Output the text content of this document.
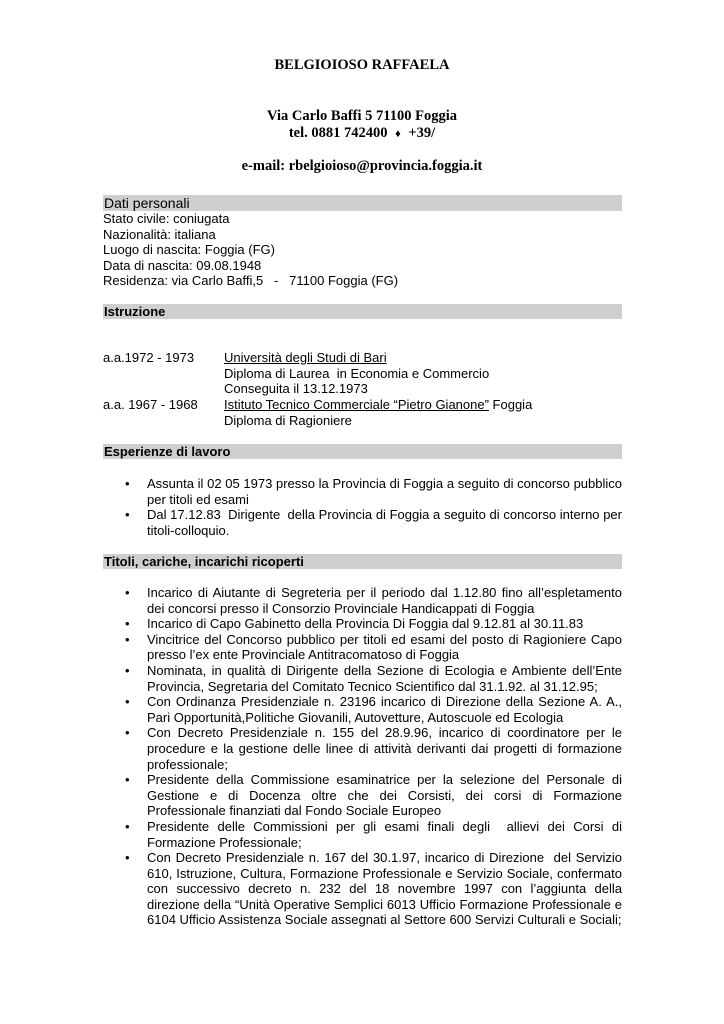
BELGIOIOSO RAFFAELA
Via Carlo Baffi 5 71100 Foggia
tel. 0881 742400 ♦ +39/
e-mail: rbelgioioso@provincia.foggia.it
Dati personali
Stato civile: coniugata
Nazionalità: italiana
Luogo di nascita: Foggia (FG)
Data di nascita: 09.08.1948
Residenza: via Carlo Baffi,5   -   71100 Foggia (FG)
Istruzione
a.a.1972 - 1973 Università degli Studi di Bari
Diploma di Laurea  in Economia e Commercio
Conseguita il 13.12.1973
a.a. 1967 - 1968 Istituto Tecnico Commerciale “Pietro Gianone” Foggia
Diploma di Ragioniere
Esperienze di lavoro
• Assunta il 02 05 1973 presso la Provincia di Foggia a seguito di concorso pubblico per titoli ed esami
• Dal 17.12.83  Dirigente  della Provincia di Foggia a seguito di concorso interno per titoli-colloquio.
Titoli, cariche, incarichi ricoperti
• Incarico di Aiutante di Segreteria per il periodo dal 1.12.80 fino all’espletamento dei concorsi presso il Consorzio Provinciale Handicappati di Foggia
• Incarico di Capo Gabinetto della Provincia Di Foggia dal 9.12.81 al 30.11.83
• Vincitrice del Concorso pubblico per titoli ed esami del posto di Ragioniere Capo presso l’ex ente Provinciale Antitracomatoso di Foggia
• Nominata, in qualità di Dirigente della Sezione di Ecologia e Ambiente dell’Ente Provincia, Segretaria del Comitato Tecnico Scientifico dal 31.1.92. al 31.12.95;
• Con Ordinanza Presidenziale n. 23196 incarico di Direzione della Sezione A. A., Pari Opportunità,Politiche Giovanili, Autovetture, Autoscuole ed Ecologia
• Con Decreto Presidenziale n. 155 del 28.9.96, incarico di coordinatore per le procedure e la gestione delle linee di attività derivanti dai progetti di formazione professionale;
• Presidente della Commissione esaminatrice per la selezione del Personale di Gestione e di Docenza oltre che dei Corsisti, dei corsi di Formazione Professionale finanziati dal Fondo Sociale Europeo
• Presidente delle Commissioni per gli esami finali degli  allievi dei Corsi di Formazione Professionale;
• Con Decreto Presidenziale n. 167 del 30.1.97, incarico di Direzione  del Servizio 610, Istruzione, Cultura, Formazione Professionale e Servizio Sociale, confermato con successivo decreto n. 232 del 18 novembre 1997 con l’aggiunta della direzione della “Unità Operative Semplici 6013 Ufficio Formazione Professionale e 6104 Ufficio Assistenza Sociale assegnati al Settore 600 Servizi Culturali e Sociali;
